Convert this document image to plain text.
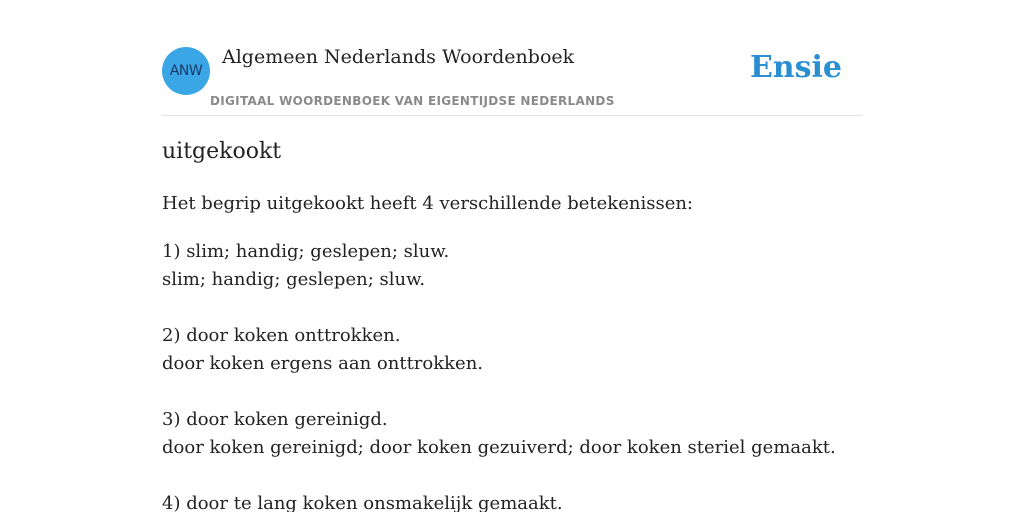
ANW
Algemeen Nederlands Woordenboek
DIGITAAL WOORDENBOEK VAN EIGENTIJDSE NEDERLANDS
Ensie
uitgekookt

Het begrip uitgekookt heeft 4 verschillende betekenissen:

1) slim; handig; geslepen; sluw.
slim; handig; geslepen; sluw.
2) door koken onttrokken.
door koken ergens aan onttrokken.
3) door koken gereinigd.
door koken gereinigd; door koken gezuiverd; door koken steriel gemaakt.
4) door te lang koken onsmakelijk gemaakt.
